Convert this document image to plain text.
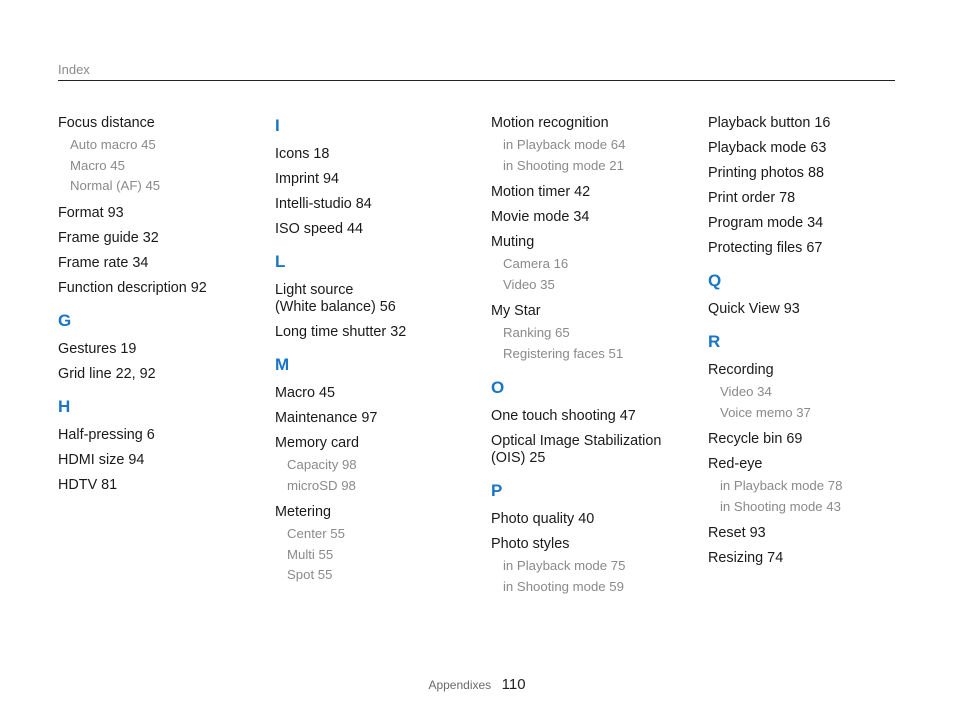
Index
Focus distance
Auto macro 45
Macro 45
Normal (AF) 45
Format 93
Frame guide 32
Frame rate 34
Function description 92
G
Gestures 19
Grid line 22, 92
H
Half-pressing 6
HDMI size 94
HDTV 81
I
Icons 18
Imprint 94
Intelli-studio 84
ISO speed 44
L
Light source
(White balance) 56
Long time shutter 32
M
Macro 45
Maintenance 97
Memory card
Capacity 98
microSD 98
Metering
Center 55
Multi 55
Spot 55
Motion recognition
in Playback mode 64
in Shooting mode 21
Motion timer 42
Movie mode 34
Muting
Camera 16
Video 35
My Star
Ranking 65
Registering faces 51
O
One touch shooting 47
Optical Image Stabilization
(OIS) 25
P
Photo quality 40
Photo styles
in Playback mode 75
in Shooting mode 59
Playback button 16
Playback mode 63
Printing photos 88
Print order 78
Program mode 34
Protecting files 67
Q
Quick View 93
R
Recording
Video 34
Voice memo 37
Recycle bin 69
Red-eye
in Playback mode 78
in Shooting mode 43
Reset 93
Resizing 74
Appendixes 110
